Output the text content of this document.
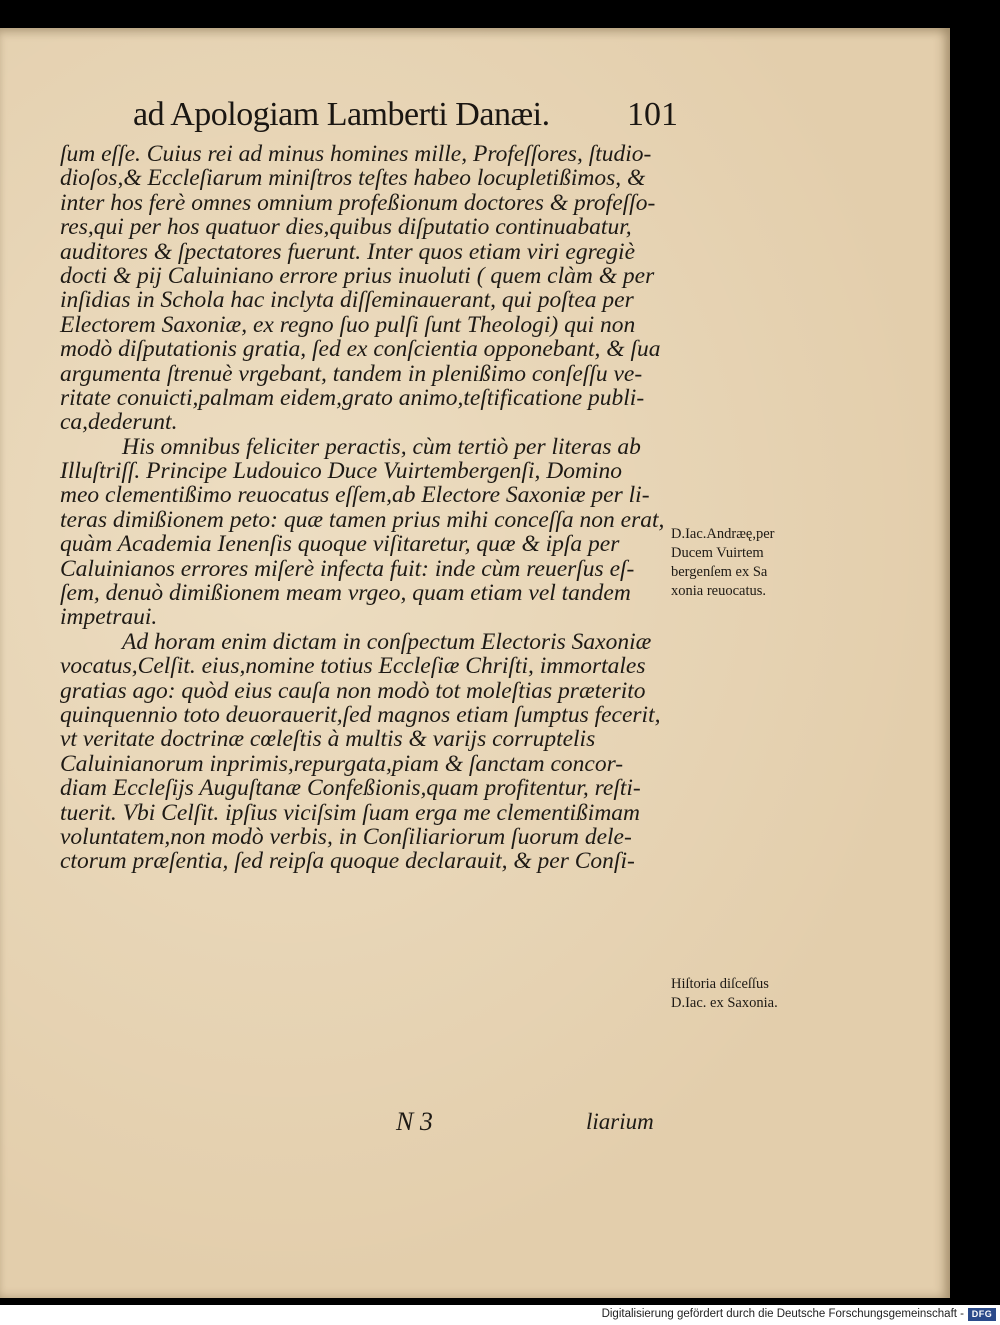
ad Apologiam Lamberti Danæi. 101
ſum eſſe. Cuius rei ad minus homines mille, Profeſſores, ſtudio-
dioſos,& Eccleſiarum miniſtros teſtes habeo locupletißimos, &
inter hos ferè omnes omnium profeßionum doctores & profeſſo-
res,qui per hos quatuor dies,quibus diſputatio continuabatur,
auditores & ſpectatores fuerunt. Inter quos etiam viri egregiè
docti & pij Caluiniano errore prius inuoluti ( quem clàm & per
inſidias in Schola hac inclyta diſſeminauerant, qui poſtea per
Electorem Saxoniæ, ex regno ſuo pulſi ſunt Theologi) qui non
modò diſputationis gratia, ſed ex conſcientia opponebant, & ſua
argumenta ſtrenuè vrgebant, tandem in plenißimo conſeſſu ve-
ritate conuicti,palmam eidem,grato animo,teſtificatione publi-
ca,dederunt.
His omnibus feliciter peractis, cùm tertiò per literas ab
Illuſtriſſ. Principe Ludouico Duce Vuirtembergenſi, Domino
meo clementißimo reuocatus eſſem,ab Electore Saxoniæ per li-
teras dimißionem peto: quæ tamen prius mihi conceſſa non erat,
quàm Academia Ienenſis quoque viſitaretur, quæ & ipſa per
Caluinianos errores miſerè infecta fuit: inde cùm reuerſus eſ-
ſem, denuò dimißionem meam vrgeo, quam etiam vel tandem
impetraui.
Ad horam enim dictam in conſpectum Electoris Saxoniæ
vocatus,Celſit. eius,nomine totius Eccleſiæ Chriſti, immortales
gratias ago: quòd eius cauſa non modò tot moleſtias præterito
quinquennio toto deuorauerit,ſed magnos etiam ſumptus fecerit,
vt veritate doctrinæ cœleſtis à multis & varijs corruptelis
Caluinianorum inprimis,repurgata,piam & ſanctam concor-
diam Eccleſijs Auguſtanæ Confeßionis,quam profitentur, reſti-
tuerit. Vbi Celſit. ipſius viciſsim ſuam erga me clementißimam
voluntatem,non modò verbis, in Conſiliariorum ſuorum dele-
ctorum præſentia, ſed reipſa quoque declarauit, & per Conſi-
D.Iac.Andræę,per
Ducem Vuirtem
bergenſem ex Sa
xonia reuocatus.
Hiſtoria diſceſſus
D.Iac. ex Saxonia.
N 3	liarium
Digitalisierung gefördert durch die Deutsche Forschungsgemeinschaft - DFG
